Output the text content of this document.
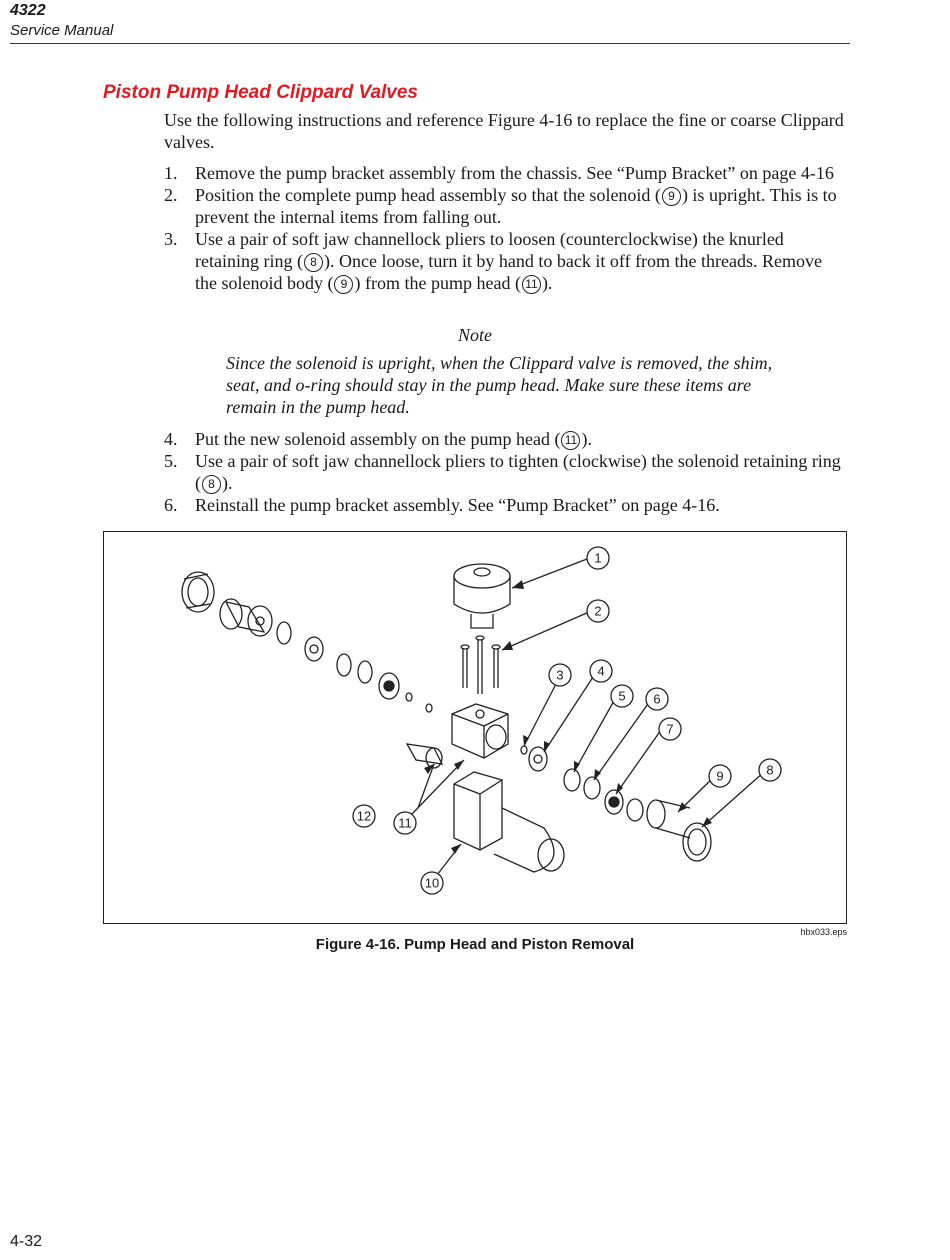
4322
Service Manual
Piston Pump Head Clippard Valves
Use the following instructions and reference Figure 4-16 to replace the fine or coarse Clippard valves.
1. Remove the pump bracket assembly from the chassis. See “Pump Bracket” on page 4-16
2. Position the complete pump head assembly so that the solenoid ( 9 ) is upright. This is to prevent the internal items from falling out.
3. Use a pair of soft jaw channellock pliers to loosen (counterclockwise) the knurled retaining ring ( 8 ). Once loose, turn it by hand to back it off from the threads. Remove the solenoid body ( 9 ) from the pump head ( 11 ).
Note
Since the solenoid is upright, when the Clippard valve is removed, the shim, seat, and o-ring should stay in the pump head. Make sure these items are remain in the pump head.
4. Put the new solenoid assembly on the pump head ( 11 ).
5. Use a pair of soft jaw channellock pliers to tighten (clockwise) the solenoid retaining ring ( 8 ).
6. Reinstall the pump bracket assembly. See “Pump Bracket” on page 4-16.
1
2
3	4
5 6
7
8
9
10
11
12
hbx033.eps
Figure 4-16. Pump Head and Piston Removal
4-32
